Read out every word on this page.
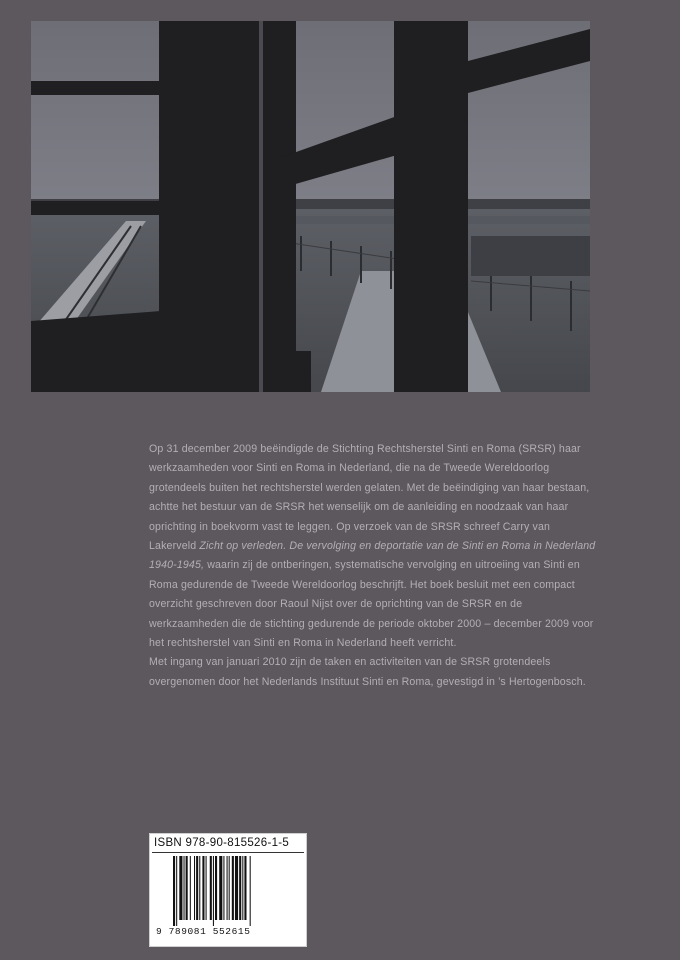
Op 31 december 2009 beëindigde de Stichting Rechtsherstel Sinti en Roma (SRSR) haar werkzaamheden voor Sinti en Roma in Nederland, die na de Tweede Wereldoorlog grotendeels buiten het rechtsherstel werden gelaten. Met de beëindiging van haar bestaan, achtte het bestuur van de SRSR het wenselijk om de aanleiding en noodzaak van haar oprichting in boekvorm vast te leggen. Op verzoek van de SRSR schreef Carry van Lakerveld Zicht op verleden. De vervolging en deportatie van de Sinti en Roma in Nederland 1940-1945, waarin zij de ontberingen, systematische vervolging en uitroeiing van Sinti en Roma gedurende de Tweede Wereldoorlog beschrijft. Het boek besluit met een compact overzicht geschreven door Raoul Nijst over de oprichting van de SRSR en de werkzaamheden die de stichting gedurende de periode oktober 2000 – december 2009 voor het rechtsherstel van Sinti en Roma in Nederland heeft verricht.

Met ingang van januari 2010 zijn de taken en activiteiten van de SRSR grotendeels overgenomen door het Nederlands Instituut Sinti en Roma, gevestigd in ’s Hertogenbosch.

ISBN 978-90-815526-1-5
9 789081 552615
